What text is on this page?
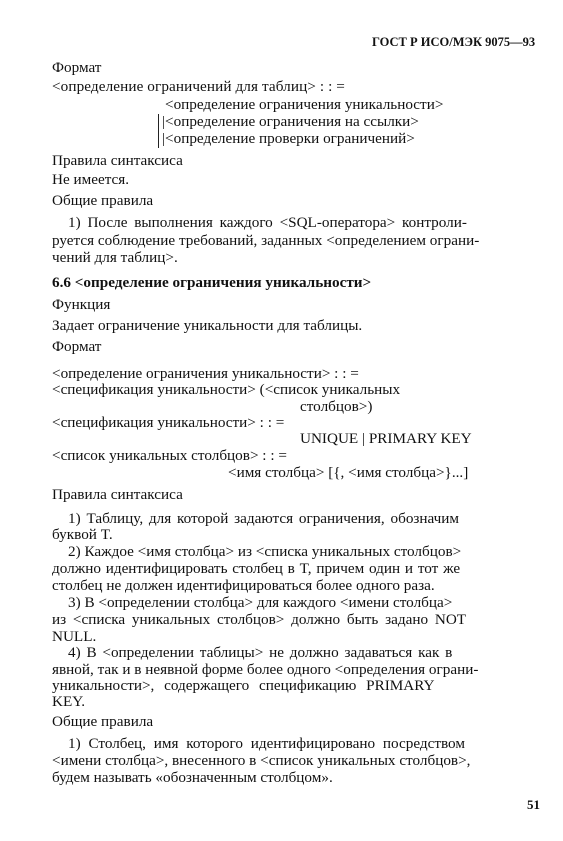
ГОСТ Р ИСО/МЭК 9075—93
Формат
<определение ограничений для таблиц> : : =
<определение ограничения уникальности>
|<определение ограничения на ссылки>
|<определение проверки ограничений>
Правила синтаксиса
Не имеется.
Общие правила
1) После выполнения каждого <SQL-оператора> контроли-
руется соблюдение требований, заданных <определением ограни-
чений для таблиц>.
6.6 <определение ограничения уникальности>
Функция
Задает ограничение уникальности для таблицы.
Формат
<определение ограничения уникальности> : : =
<спецификация уникальности> (<список уникальных
столбцов>)
<спецификация уникальности> : : =
UNIQUE | PRIMARY KEY
<список уникальных столбцов> : : =
<имя столбца> [{, <имя столбца>}...]
Правила синтаксиса
1) Таблицу, для которой задаются ограничения, обозначим
буквой T.
2) Каждое <имя столбца> из <списка уникальных столбцов>
должно идентифицировать столбец в T, причем один и тот же
столбец не должен идентифицироваться более одного раза.
3) В <определении столбца> для каждого <имени столбца>
из <списка уникальных столбцов> должно быть задано NOT
NULL.
4) В <определении таблицы> не должно задаваться как в
явной, так и в неявной форме более одного <определения ограни-
уникальности>, содержащего спецификацию PRIMARY
KEY.
Общие правила
1) Столбец, имя которого идентифицировано посредством
<имени столбца>, внесенного в <список уникальных столбцов>,
будем называть «обозначенным столбцом».
51
